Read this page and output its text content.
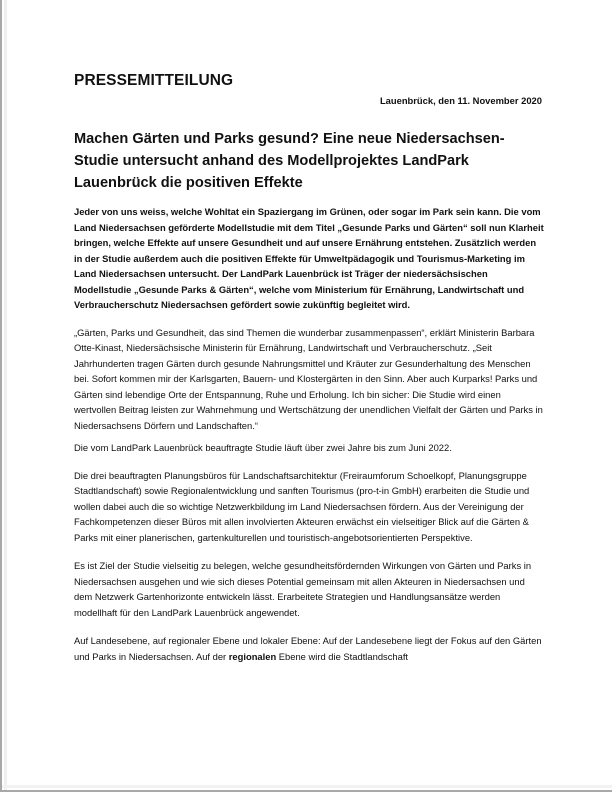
PRESSEMITTEILUNG
Lauenbrück, den 11. November 2020
Machen Gärten und Parks gesund? Eine neue Niedersachsen-Studie untersucht anhand des Modellprojektes LandPark Lauenbrück die positiven Effekte

Jeder von uns weiss, welche Wohltat ein Spaziergang im Grünen, oder sogar im Park sein kann. Die vom Land Niedersachsen geförderte Modellstudie mit dem Titel „Gesunde Parks und Gärten“ soll nun Klarheit bringen, welche Effekte auf unsere Gesundheit und auf unsere Ernährung entstehen. Zusätzlich werden in der Studie außerdem auch die positiven Effekte für Umweltpädagogik und Tourismus-Marketing im Land Niedersachsen untersucht. Der LandPark Lauenbrück ist Träger der niedersächsischen Modellstudie „Gesunde Parks & Gärten“, welche vom Ministerium für Ernährung, Landwirtschaft und Verbraucherschutz Niedersachsen gefördert sowie zukünftig begleitet wird.

„Gärten, Parks und Gesundheit, das sind Themen die wunderbar zusammenpassen“, erklärt Ministerin Barbara Otte-Kinast, Niedersächsische Ministerin für Ernährung, Landwirtschaft und Verbraucherschutz. „Seit Jahrhunderten tragen Gärten durch gesunde Nahrungsmittel und Kräuter zur Gesunderhaltung des Menschen bei. Sofort kommen mir der Karlsgarten, Bauern- und Klostergärten in den Sinn. Aber auch Kurparks! Parks und Gärten sind lebendige Orte der Entspannung, Ruhe und Erholung. Ich bin sicher: Die Studie wird einen wertvollen Beitrag leisten zur Wahrnehmung und Wertschätzung der unendlichen Vielfalt der Gärten und Parks in Niedersachsens Dörfern und Landschaften.“

Die vom LandPark Lauenbrück beauftragte Studie läuft über zwei Jahre bis zum Juni 2022.

Die drei beauftragten Planungsbüros für Landschaftsarchitektur (Freiraumforum Schoelkopf, Planungsgruppe Stadtlandschaft) sowie Regionalentwicklung und sanften Tourismus (pro-t-in GmbH) erarbeiten die Studie und wollen dabei auch die so wichtige Netzwerkbildung im Land Niedersachsen fördern. Aus der Vereinigung der Fachkompetenzen dieser Büros mit allen involvierten Akteuren erwächst ein vielseitiger Blick auf die Gärten & Parks mit einer planerischen, gartenkulturellen und touristisch-angebotsorientierten Perspektive.

Es ist Ziel der Studie vielseitig zu belegen, welche gesundheitsfördernden Wirkungen von Gärten und Parks in Niedersachsen ausgehen und wie sich dieses Potential gemeinsam mit allen Akteuren in Niedersachsen und dem Netzwerk Gartenhorizonte entwickeln lässt. Erarbeitete Strategien und Handlungsansätze werden modellhaft für den LandPark Lauenbrück angewendet.

Auf Landesebene, auf regionaler Ebene und lokaler Ebene: Auf der Landesebene liegt der Fokus auf den Gärten und Parks in Niedersachsen. Auf der regionalen Ebene wird die Stadtlandschaft
